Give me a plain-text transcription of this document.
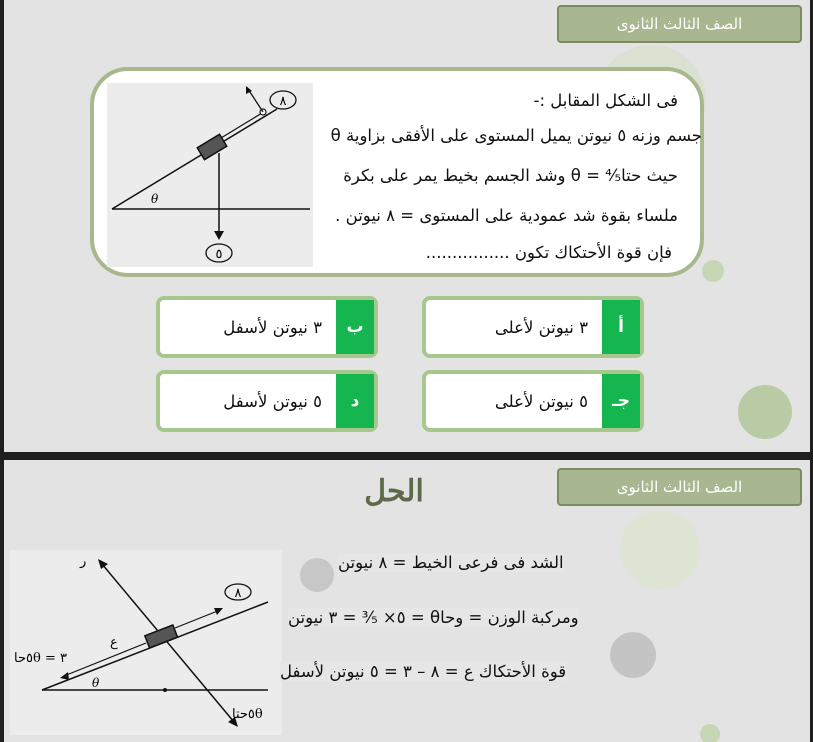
الصف الثالث الثانوى
٨
٥
θ
فى الشكل المقابل :-
جسم وزنه ٥ نيوتن يميل المستوى على الأفقى بزاوية θ
حيث حتاθ = ⁴⁄₅ وشد الجسم بخيط يمر على بكرة
ملساء بقوة شد عمودية على المستوى = ٨ نيوتن .
فإن قوة الأحتكاك تكون ................
أ
٣ نيوتن لأعلى
ب
٣ نيوتن لأسفل
جـ
٥ نيوتن لأعلى
د
٥ نيوتن لأسفل
الصف الثالث الثانوى
الحل
٨
ر
ع
٥حاθ = ٣
θ
٥حتاθ
الشد فى فرعى الخيط = ٨ نيوتن
ومركبة الوزن = وحاθ = ٥× ³⁄₅ = ٣ نيوتن
قوة الأحتكاك ع = ٨ – ٣ = ٥ نيوتن لأسفل
